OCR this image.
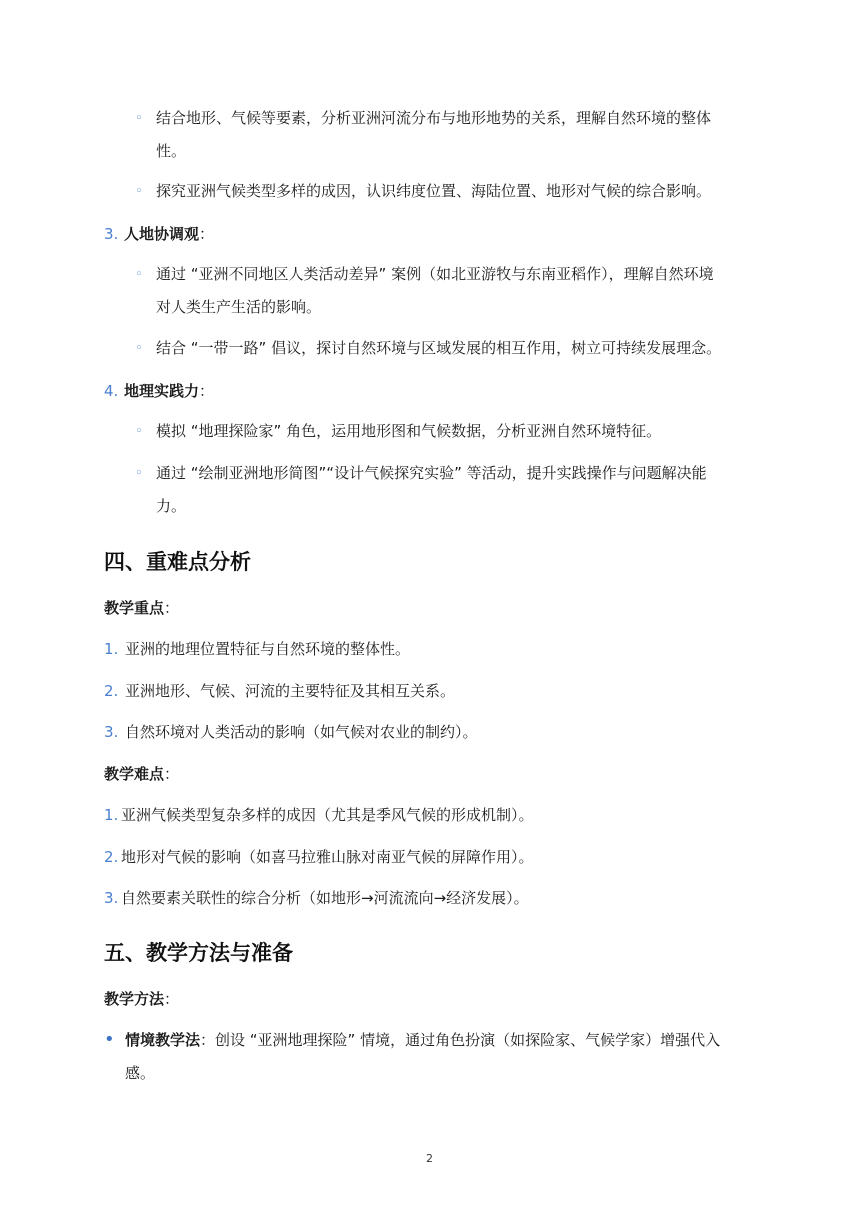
◦ 结合地形、气候等要素，分析亚洲河流分布与地形地势的关系，理解自然环境的整体
性。
◦ 探究亚洲气候类型多样的成因，认识纬度位置、海陆位置、地形对气候的综合影响。
3. 人地协调观：
◦ 通过 “亚洲不同地区人类活动差异” 案例（如北亚游牧与东南亚稻作），理解自然环境
对人类生产生活的影响。
◦ 结合 “一带一路” 倡议，探讨自然环境与区域发展的相互作用，树立可持续发展理念。
4. 地理实践力：
◦ 模拟 “地理探险家” 角色，运用地形图和气候数据，分析亚洲自然环境特征。
◦ 通过 “绘制亚洲地形简图”“设计气候探究实验” 等活动，提升实践操作与问题解决能
力。
四、重难点分析
教学重点：
1. 亚洲的地理位置特征与自然环境的整体性。
2. 亚洲地形、气候、河流的主要特征及其相互关系。
3. 自然环境对人类活动的影响（如气候对农业的制约）。
教学难点：
1. 亚洲气候类型复杂多样的成因（尤其是季风气候的形成机制）。
2. 地形对气候的影响（如喜马拉雅山脉对南亚气候的屏障作用）。
3. 自然要素关联性的综合分析（如地形→河流流向→经济发展）。
五、教学方法与准备
教学方法：
• 情境教学法：创设 “亚洲地理探险” 情境，通过角色扮演（如探险家、气候学家）增强代入
感。
2
